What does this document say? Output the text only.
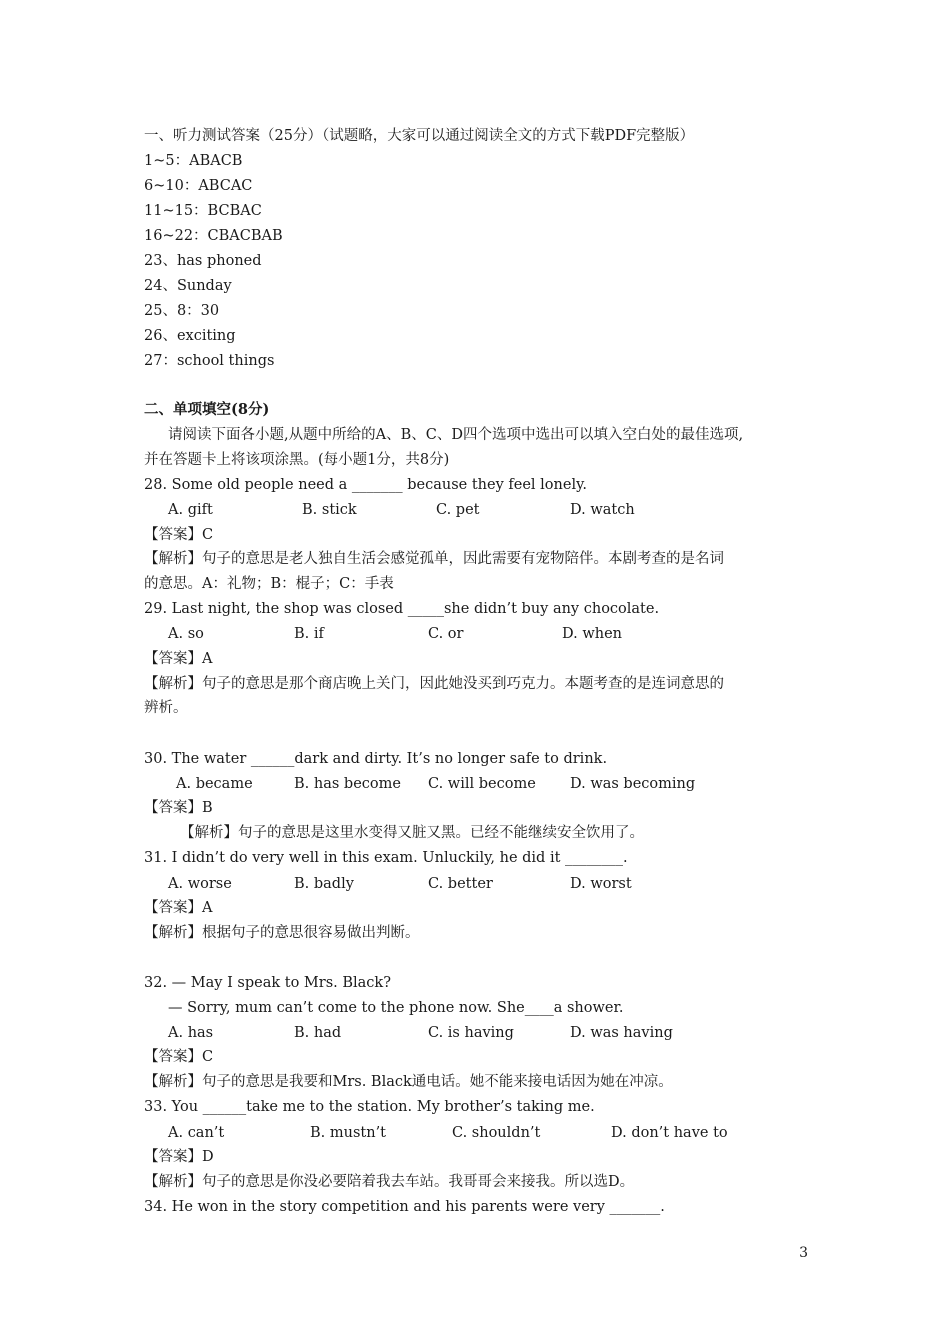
一、听力测试答案（25分）（试题略，大家可以通过阅读全文的方式下载PDF完整版）
1~5：ABACB
6~10：ABCAC
11~15：BCBAC
16~22：CBACBAB
23、has phoned
24、Sunday
25、8：30
26、exciting
27：school things
二、单项填空(8分)
请阅读下面各小题,从题中所给的A、B、C、D四个选项中选出可以填入空白处的最佳选项,
并在答题卡上将该项涂黑。(每小题1分，共8分)
28. Some old people need a _______ because they feel lonely.

A. gift

	B. stick

	C. pet

	D. watch

【答案】C
【解析】句子的意思是老人独自生活会感觉孤单，因此需要有宠物陪伴。本剧考查的是名词
的意思。A：礼物；B：棍子；C：手表
29. Last night, the shop was closed _____she didn’t buy any chocolate.

A. so

	B. if

	C. or

	D. when

【答案】A
【解析】句子的意思是那个商店晚上关门，因此她没买到巧克力。本题考查的是连词意思的
辨析。
30. The water ______dark and dirty. It’s no longer safe to drink.

A. became

	B. has become

C. will become

D. was becoming

【答案】B
【解析】句子的意思是这里水变得又脏又黑。已经不能继续安全饮用了。
31. I didn’t do very well in this exam. Unluckily, he did it ________.

A. worse

	B. badly

	C. better

	D. worst

【答案】A
【解析】根据句子的意思很容易做出判断。
32. — May I speak to Mrs. Black?
— Sorry, mum can’t come to the phone now. She____a shower.

A. has

	B. had

	C. is having

	D. was having

【答案】C
【解析】句子的意思是我要和Mrs. Black通电话。她不能来接电话因为她在冲凉。
33. You ______take me to the station. My brother’s taking me.

A. can’t

	B. mustn’t

	C. shouldn’t

	D. don’t have to

【答案】D
【解析】句子的意思是你没必要陪着我去车站。我哥哥会来接我。所以选D。
34. He won in the story competition and his parents were very _______.
3
